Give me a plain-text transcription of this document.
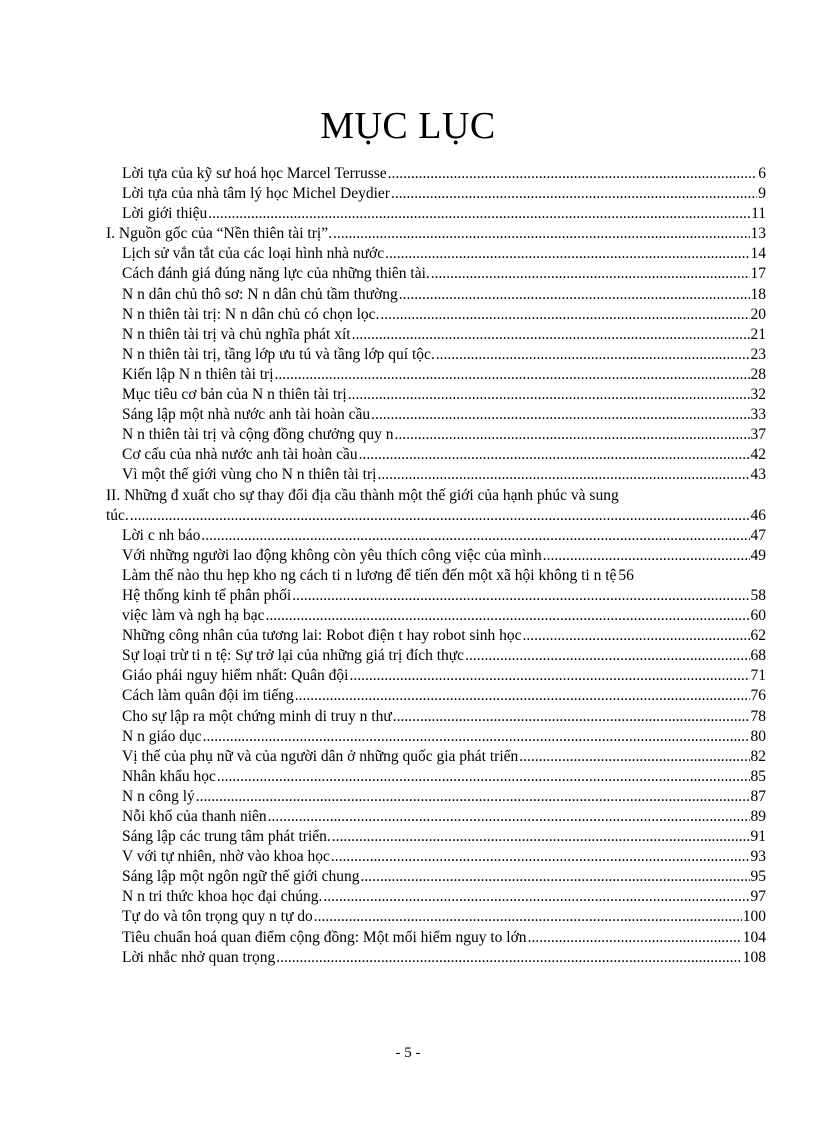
MỤC LỤC
Lời tựa của kỹ sư hoá học Marcel Terrusse .....	6
Lời tựa của nhà tâm lý học Michel Deydier .....	9
Lời giới thiệu .....	11
I. Nguồn gốc của “Nền thiên tài trị”. .....	13
Lịch sử vắn tắt của các loại hình nhà nước .....	14
Cách đánh giá đúng năng lực của những thiên tài. .....	17
N n dân chủ thô sơ: N n dân chủ tầm thường .....	18
N n thiên tài trị: N n dân chủ có chọn lọc. .....	20
N n thiên tài trị và chủ nghĩa phát xít .....	21
N n thiên tài trị, tầng lớp ưu tú và tầng lớp quí tộc. .....	23
Kiến lập N n thiên tài trị .....	28
Mục tiêu cơ bản của N n thiên tài trị .....	32
Sáng lập một nhà nước anh tài hoàn cầu .....	33
N n thiên tài trị và cộng đồng chưởng quy n .....	37
Cơ cấu của nhà nước anh tài hoàn cầu .....	42
Vì một thế giới vùng cho N n thiên tài trị .....	43
II. Những đ xuất cho sự thay đổi địa cầu thành một thế giới của hạnh phúc và sung
túc. .....	46
Lời c nh báo .....	47
Với những người lao động không còn yêu thích công việc của mình .....	49
Làm thế nào thu hẹp kho ng cách ti n lương để tiến đến một xã hội không ti n tệ 56
Hệ thống kinh tế phân phối .....	58
việc làm và ngh hạ bạc .....	60
Những công nhân của tương lai: Robot điện t hay robot sinh học .....	62
Sự loại trừ ti n tệ: Sự trở lại của những giá trị đích thực .....	68
Giáo phái nguy hiểm nhất: Quân đội .....	71
Cách làm quân đội im tiếng .....	76
Cho sự lập ra một chứng minh di truy n thư .....	78
N n giáo dục .....	80
Vị thế của phụ nữ và của người dân ở những quốc gia phát triển .....	82
Nhân khẩu học .....	85
N n công lý .....	87
Nỗi khổ của thanh niên .....	89
Sáng lập các trung tâm phát triển. .....	91
V với tự nhiên, nhờ vào khoa học .....	93
Sáng lập một ngôn ngữ thế giới chung .....	95
N n tri thức khoa học đại chúng. .....	97
Tự do và tôn trọng quy n tự do .....	100
Tiêu chuẩn hoá quan điểm cộng đồng: Một mối hiểm nguy to lớn .....	104
Lời nhắc nhở quan trọng .....	108
- 5 -
